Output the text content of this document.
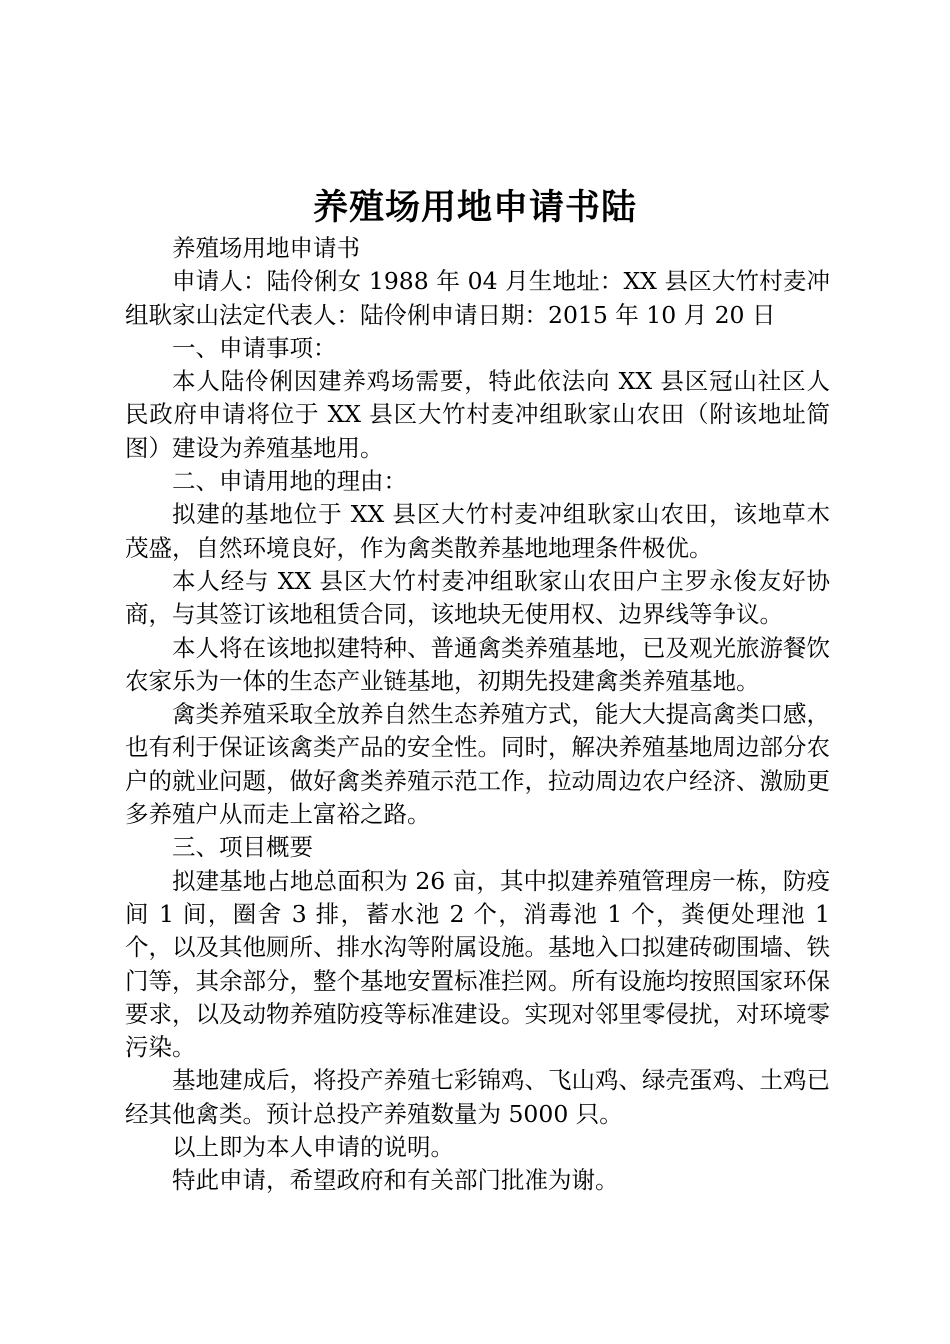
养殖场用地申请书陆

养殖场用地申请书

申请人：陆伶俐女 1988 年 04 月生地址：XX 县区大竹村麦冲组耿家山法定代表人：陆伶俐申请日期：2015 年 10 月 20 日

一、申请事项：

本人陆伶俐因建养鸡场需要，特此依法向 XX 县区冠山社区人民政府申请将位于 XX 县区大竹村麦冲组耿家山农田（附该地址简图）建设为养殖基地用。

二、申请用地的理由：

拟建的基地位于 XX 县区大竹村麦冲组耿家山农田，该地草木茂盛，自然环境良好，作为禽类散养基地地理条件极优。

本人经与 XX 县区大竹村麦冲组耿家山农田户主罗永俊友好协商，与其签订该地租赁合同，该地块无使用权、边界线等争议。

本人将在该地拟建特种、普通禽类养殖基地，已及观光旅游餐饮农家乐为一体的生态产业链基地，初期先投建禽类养殖基地。

禽类养殖采取全放养自然生态养殖方式，能大大提高禽类口感，也有利于保证该禽类产品的安全性。同时，解决养殖基地周边部分农户的就业问题，做好禽类养殖示范工作，拉动周边农户经济、激励更多养殖户从而走上富裕之路。

三、项目概要

拟建基地占地总面积为 26 亩，其中拟建养殖管理房一栋，防疫间 1 间，圈舍 3 排，蓄水池 2 个，消毒池 1 个，粪便处理池 1 个，以及其他厕所、排水沟等附属设施。基地入口拟建砖砌围墙、铁门等，其余部分，整个基地安置标准拦网。所有设施均按照国家环保要求，以及动物养殖防疫等标准建设。实现对邻里零侵扰，对环境零污染。

基地建成后，将投产养殖七彩锦鸡、飞山鸡、绿壳蛋鸡、土鸡已经其他禽类。预计总投产养殖数量为 5000 只。

以上即为本人申请的说明。

特此申请，希望政府和有关部门批准为谢。
